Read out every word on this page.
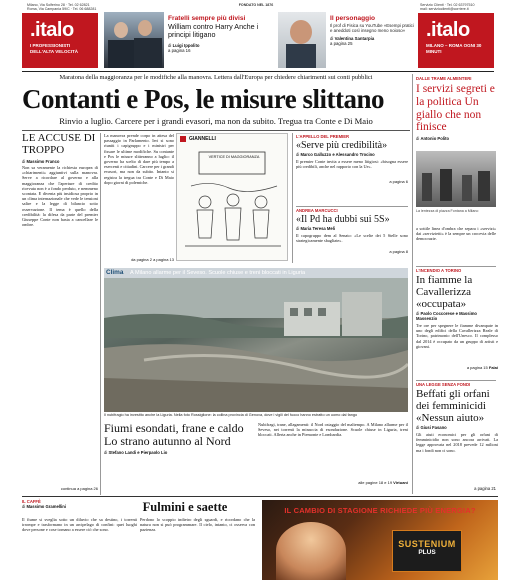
Milano, Via Solferino 28 · Tel. 02 62821
Roma, Via Campania 59/C · Tel. 06 688281
FONDATO NEL 1876	Servizio Clienti · Tel. 02 63797510
mail: servizioclienti@corriere.it
.italo
I PROFESSIONISTI DELL'ALTA VELOCITÀ
.italo
MILANO – ROMA OGNI 30 MINUTI
Fratelli sempre più divisi
William contro Harry Anche i principi litigano
di Luigi Ippolito
a pagina 16
Il personaggio
Il prof di Fisica su YouTube «Esempi pratici e aneddoti così insegno meno noioso»
di Valentina Santarpia
a pagina 25
Maratona della maggioranza per le modifiche alla manovra. Lettera dall'Europa per chiedere chiarimenti sui conti pubblici
Contanti e Pos, le misure slittano
Rinvio a luglio. Carcere per i grandi evasori, ma non da subito. Tregua tra Conte e Di Maio
DALLE TRAME ALMENTERI
I servizi segreti e la politica Un giallo che non finisce
di Antonio Polito
La lentezza di piazza Fontana a Milano
a sottile linea d'ombra che separa i «servizi» dai «servizietti» è la sempre un crocevia delle democrazie.
L'INCENDIO A TORINO
In fiamme la Cavallerizza «occupata»
di Paolo Coccorese e Massimo Massenzio
Tre ore per spegnere le fiamme divampate in uno degli edifici della Cavallerizza Reale di Torino, patrimonio dell'Unesco. Il complesso dal 2014 è occupato da un gruppo di artisti e giovani.
a pagina 15 Falai
UNA LEGGE SENZA FONDI
Beffati gli orfani dei femminicidi «Nessun aiuto»
di Giusi Fasano
Gli aiuti economici per gli orfani di femminicidio non sono ancora arrivati. La legge approvata nel 2018 prevede 12 milioni ma i fondi non ci sono.
a pagina 21
LE ACCUSE DI TROPPO
di Massimo Franco
Non sa veramente la richiesta europea di «chiarimenti» aggiuntivi sulla manovra. Serve a ricordare al governo e alla maggioranza che l'aperture di credito ricevuta non è a fondo perduto, e nemmeno scontata. E diventa più insidiosa proprio in un clima internazionale che vede le tensioni salire e la legge di bilancio sotto osservazione. Il tema è quello della credibilità: la difesa da parte del premier Giuseppe Conte non basta a cancellare le ombre.
continua a pagina 26
La manovra prende corpo in attesa del passaggio in Parlamento. Ieri si sono riuniti i capigruppo e i ministri per fissare le ultime modifiche. Su contante e Pos le misure slitteranno a luglio: il governo ha scelto di dare più tempo a esercenti e cittadini. Carcere per i grandi evasori, ma non da subito. Intanto si registra la tregua tra Conte e Di Maio dopo giorni di polemiche.
da pagina 2 a pagina 13
GIANNELLI
VERTICE DI MAGGIORANZA
L'APPELLO DEL PREMIER
«Serve più credibilità»
di Marco Galluzzo e Alessandro Trocino
Il premier Conte invita a essere meno litigiosi: «bisogna essere più credibili, anche nel rapporto con la Ue».
a pagina 6
ANDREA MARCUCCI
«Il Pd ha dubbi sui 5S»
di Maria Teresa Meli
Il capogruppo dem al Senato: «Le scelte dei 5 Stelle sono strategicamente sbagliate».
a pagina 8
Clima A Milano allarme per il Seveso. Scuole chiuse e treni bloccati in Liguria
Il nubifragio ha investito anche la Liguria. Nella foto Rossiglione: la collina provincia di Genova, dove i vigili del fuoco hanno estratto un uomo dal fango
Fiumi esondati, frane e caldo Lo strano autunno al Nord
di Stefano Landi e Pierpaolo Lio
Nubifragi, trane, allagamenti: il Nord ostaggio del maltempo. A Milano allarme per il Seveso, nei torrenti la minaccia di esondazione. Scuole chiuse in Liguria, treni bloccati. Allerta anche in Piemonte e Lombardia.
alle pagine 18 e 19 Virtuani
IL CAFFÈ
di Massimo Gramellini	Fulmini e saette
Il fiume si sveglia sotto un diluvio che sa destino, i torrenti irrompe e trasformano in un arcipelago di confini: quei luoghi dove persone e cose tornano a essere ciò che sono.
Perdono lo scoppio indietro degli sguardi, e ricordano che la natura non si può programmare. Il cielo, intanto, ci osserva con pazienza.
IL CAMBIO DI STAGIONE RICHIEDE PIÙ ENERGIA?
SUSTENIUM
PLUS
